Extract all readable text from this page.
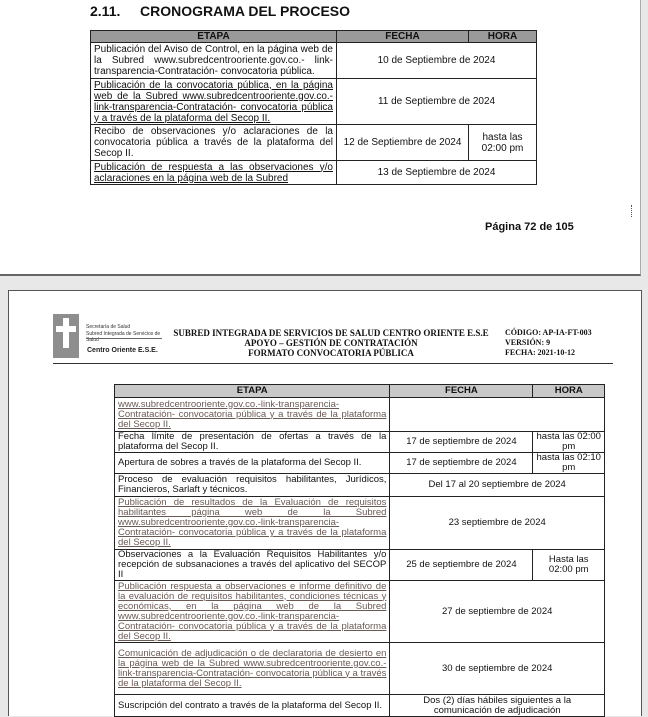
2.11. CRONOGRAMA DEL PROCESO
ETAPA	FECHA	HORA
Publicación del Aviso de Control, en la página web de la Subred www.subredcentrooriente.gov.co.- link-transparencia-Contratación- convocatoria pública.	10 de Septiembre de 2024	
Publicación de la convocatoria pública, en la página web de la Subred www.subredcentrooriente.gov.co.- link-transparencia-Contratación- convocatoria pública y a través de la plataforma del Secop II.	11 de Septiembre de 2024	
Recibo de observaciones y/o aclaraciones de la convocatoria pública a través de la plataforma del Secop II.	12 de Septiembre de 2024	hasta las 02:00 pm
Publicación de respuesta a las observaciones y/o aclaraciones en la página web de la Subred	13 de Septiembre de 2024	
Página 72 de 105
Secretaría de Salud
Subred Integrada de Servicios de Salud
Centro Oriente E.S.E.
SUBRED INTEGRADA DE SERVICIOS DE SALUD CENTRO ORIENTE E.S.E
APOYO – GESTIÓN DE CONTRATACIÓN
FORMATO CONVOCATORIA PÚBLICA
CÓDIGO: AP-IA-FT-003
VERSIÓN: 9
FECHA: 2021-10-12
ETAPA	FECHA	HORA
www.subredcentrooriente.gov.co.-link-transparencia-Contratación- convocatoria pública y a través de la plataforma del Secop II.		
Fecha límite de presentación de ofertas a través de la plataforma del Secop II.	17 de septiembre de 2024	hasta las 02:00 pm
Apertura de sobres a través de la plataforma del Secop II.	17 de septiembre de 2024	hasta las 02:10 pm
Proceso de evaluación requisitos habilitantes, Jurídicos, Financieros, Sarlaft y técnicos.	Del 17 al 20 septiembre de 2024	
Publicación de resultados de la Evaluación de requisitos habilitantes página web de la Subred www.subredcentrooriente.gov.co.-link-transparencia-Contratación- convocatoria pública y a través de la plataforma del Secop II.	23 septiembre de 2024	
Observaciones a la Evaluación Requisitos Habilitantes y/o recepción de subsanaciones a través del aplicativo del SECOP II	25 de septiembre de 2024	Hasta las 02:00 pm
Publicación respuesta a observaciones e informe definitivo de la evaluación de requisitos habilitantes, condiciones técnicas y económicas, en la página web de la Subred www.subredcentrooriente.gov.co.-link-transparencia-Contratación- convocatoria pública y a través de la plataforma del Secop II.	27 de septiembre de 2024	
Comunicación de adjudicación o de declaratoria de desierto en la página web de la Subred www.subredcentrooriente.gov.co.-link-transparencia-Contratación- convocatoria pública y a través de la plataforma del Secop II.	30 de septiembre de 2024	
Suscripción del contrato a través de la plataforma del Secop II.	Dos (2) días hábiles siguientes a la comunicación de adjudicación	
